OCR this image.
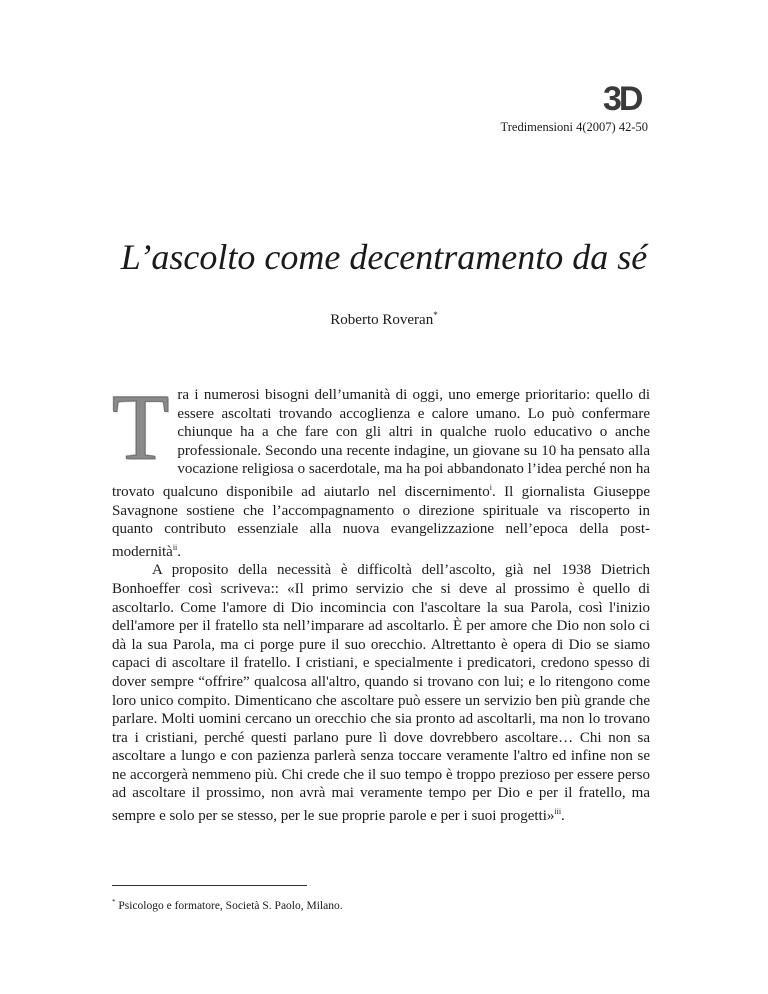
3D
Tredimensioni 4(2007) 42-50
L’ascolto come decentramento da sé
Roberto Roveran*

Tra i numerosi bisogni dell’umanità di oggi, uno emerge prioritario: quello di essere ascoltati trovando accoglienza e calore umano. Lo può confermare chiunque ha a che fare con gli altri in qualche ruolo educativo o anche professionale. Secondo una recente indagine, un giovane su 10 ha pensato alla vocazione religiosa o sacerdotale, ma ha poi abbandonato l’idea perché non ha trovato qualcuno disponibile ad aiutarlo nel discernimento$^i$. Il giornalista Giuseppe Savagnone sostiene che l’accompagnamento o direzione spirituale va riscoperto in quanto contributo essenziale alla nuova evangelizzazione nell’epoca della post-modernità$^{ii}$.

A proposito della necessità è difficoltà dell’ascolto, già nel 1938 Dietrich Bonhoeffer così scriveva:: «Il primo servizio che si deve al prossimo è quello di ascoltarlo. Come l'amore di Dio incomincia con l'ascoltare la sua Parola, così l'inizio dell'amore per il fratello sta nell’imparare ad ascoltarlo. È per amore che Dio non solo ci dà la sua Parola, ma ci porge pure il suo orecchio. Altrettanto è opera di Dio se siamo capaci di ascoltare il fratello. I cristiani, e specialmente i predicatori, credono spesso di dover sempre “offrire” qualcosa all'altro, quando si trovano con lui; e lo ritengono come loro unico compito. Dimenticano che ascoltare può essere un servizio ben più grande che parlare. Molti uomini cercano un orecchio che sia pronto ad ascoltarli, ma non lo trovano tra i cristiani, perché questi parlano pure lì dove dovrebbero ascoltare… Chi non sa ascoltare a lungo e con pazienza parlerà senza toccare veramente l'altro ed infine non se ne accorgerà nemmeno più. Chi crede che il suo tempo è troppo prezioso per essere perso ad ascoltare il prossimo, non avrà mai veramente tempo per Dio e per il fratello, ma sempre e solo per se stesso, per le sue proprie parole e per i suoi progetti»$^{iii}$.

* Psicologo e formatore, Società S. Paolo, Milano.
